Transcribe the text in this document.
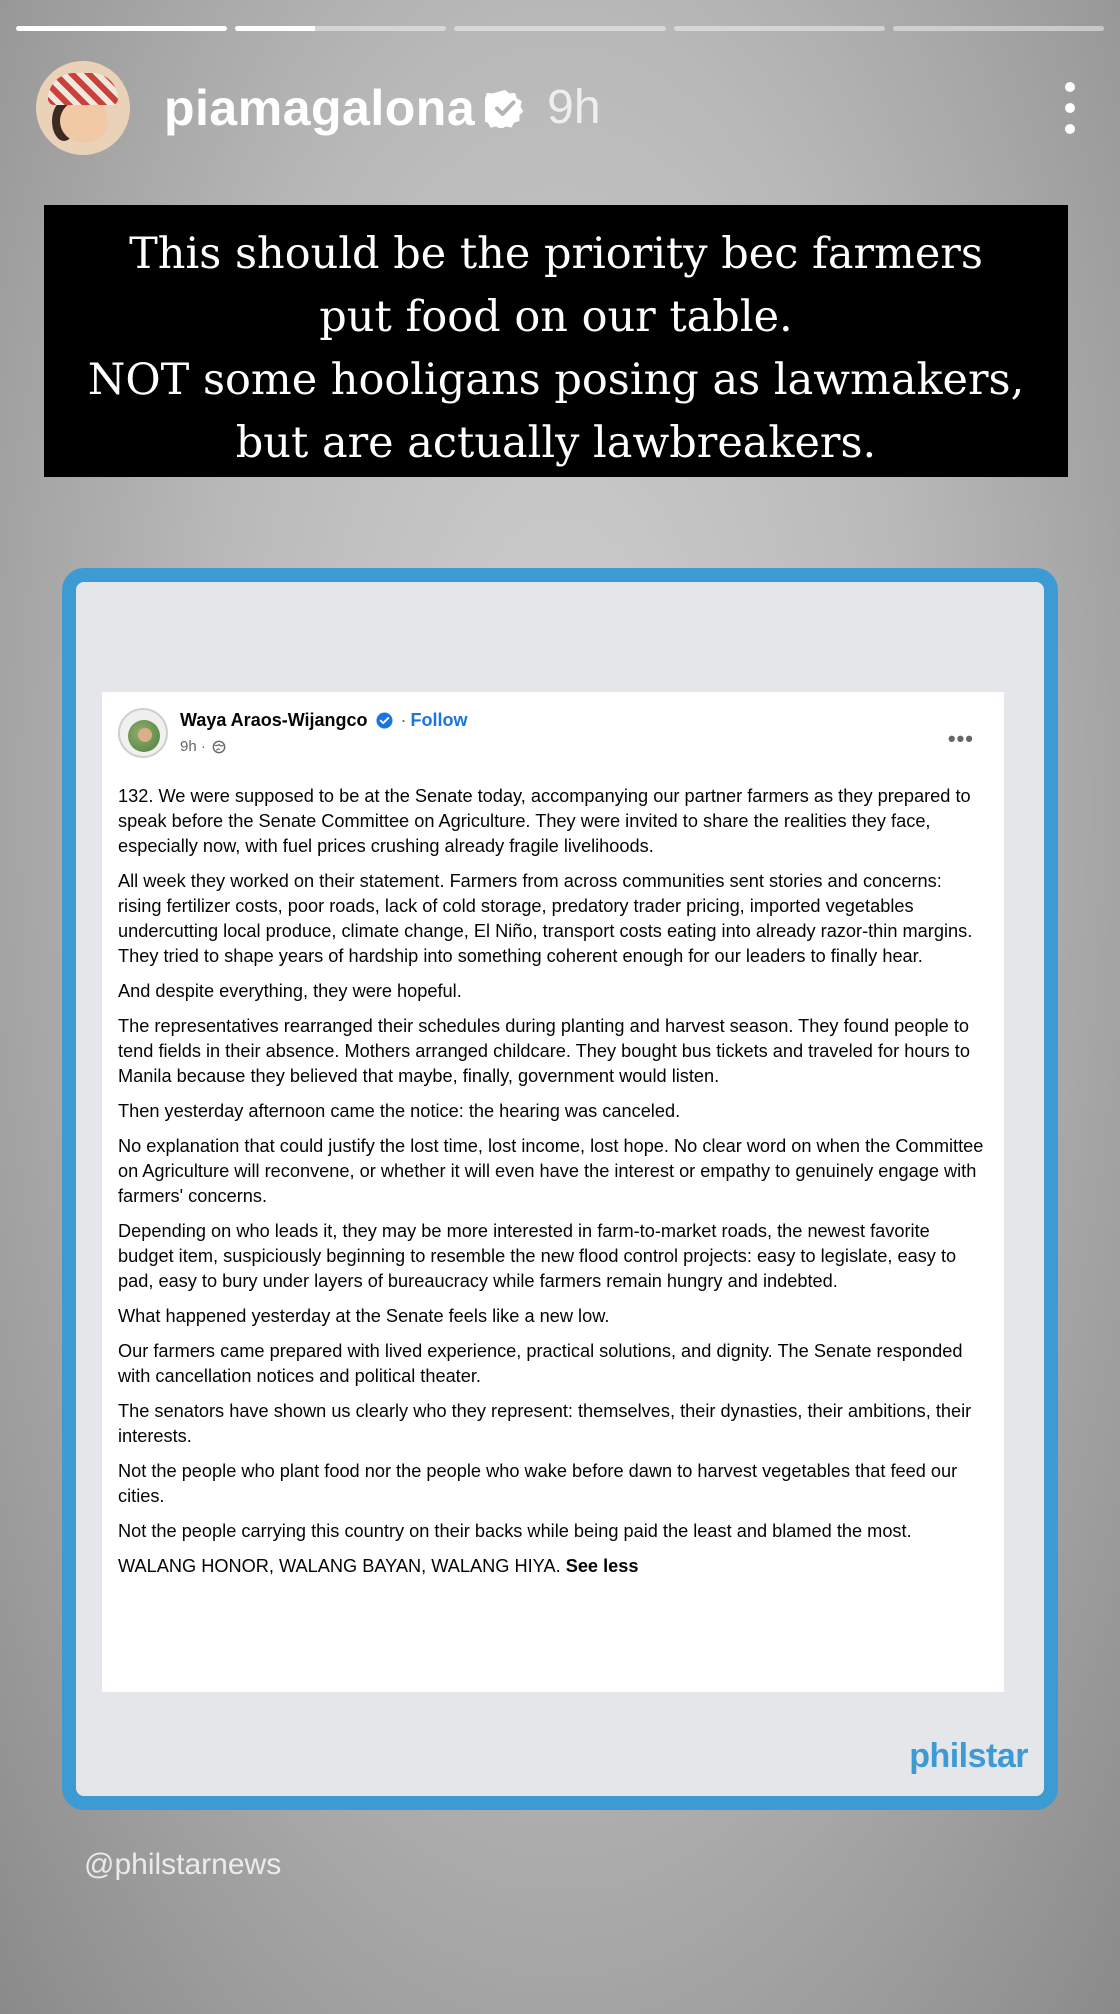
piamagalona 9h
This should be the priority bec farmers
put food on our table.
NOT some hooligans posing as lawmakers,
but are actually lawbreakers.
Waya Araos-Wijangco · Follow
9h ·	•••

132. We were supposed to be at the Senate today, accompanying our partner farmers as they prepared to speak before the Senate Committee on Agriculture. They were invited to share the realities they face, especially now, with fuel prices crushing already fragile livelihoods.

All week they worked on their statement. Farmers from across communities sent stories and concerns: rising fertilizer costs, poor roads, lack of cold storage, predatory trader pricing, imported vegetables undercutting local produce, climate change, El Niño, transport costs eating into already razor-thin margins. They tried to shape years of hardship into something coherent enough for our leaders to finally hear.

And despite everything, they were hopeful.

The representatives rearranged their schedules during planting and harvest season. They found people to tend fields in their absence. Mothers arranged childcare. They bought bus tickets and traveled for hours to Manila because they believed that maybe, finally, government would listen.

Then yesterday afternoon came the notice: the hearing was canceled.

No explanation that could justify the lost time, lost income, lost hope. No clear word on when the Committee on Agriculture will reconvene, or whether it will even have the interest or empathy to genuinely engage with farmers' concerns.

Depending on who leads it, they may be more interested in farm-to-market roads, the newest favorite budget item, suspiciously beginning to resemble the new flood control projects: easy to legislate, easy to pad, easy to bury under layers of bureaucracy while farmers remain hungry and indebted.

What happened yesterday at the Senate feels like a new low.

Our farmers came prepared with lived experience, practical solutions, and dignity. The Senate responded with cancellation notices and political theater.

The senators have shown us clearly who they represent: themselves, their dynasties, their ambitions, their interests.

Not the people who plant food nor the people who wake before dawn to harvest vegetables that feed our cities.

Not the people carrying this country on their backs while being paid the least and blamed the most.

WALANG HONOR, WALANG BAYAN, WALANG HIYA. See less

philstar
@philstarnews
